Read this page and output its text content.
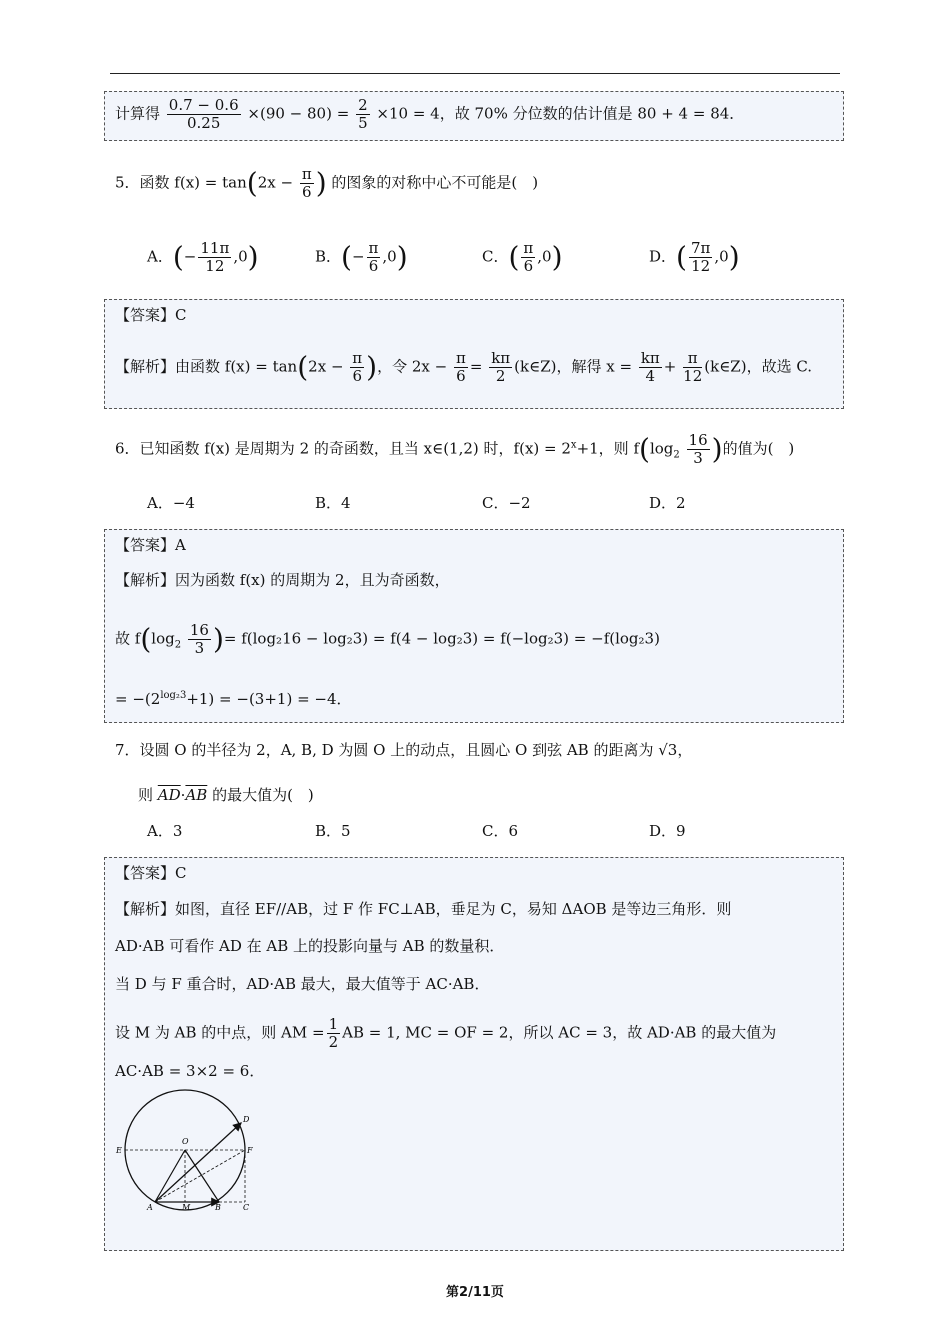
计算得 $\frac{0.7 - 0.6}{0.25} \times(90 - 80) = \frac{2}{5} \times 10 = 4$，故 70% 分位数的估计值是 80 + 4 = 84．
5．函数 $f(x) = \tan(2x - \frac{\pi}{6}$ ) 的图象的对称中心不可能是(　)
A．(− $\frac{11\pi}{12} ,0$)	B．(− $\frac{\pi}{6} ,0$)	C．( $\frac{\pi}{6} ,0$)	D．( $\frac{7\pi}{12} ,0$)
【答案】C
【解析】由函数 $f(x) = \tan(2x - \frac{\pi}{6}$ )，令 $2x - \frac{\pi}{6} = \frac{k\pi}{2}$ (k∈Z)，解得 $x = \frac{k\pi}{4} + \frac{\pi}{12}$ (k∈Z)，故选 C.
6．已知函数 f(x) 是周期为 2 的奇函数，且当 x∈(1,2) 时，$f(x) = 2^x+1$，则 $f(\log_2 \frac{16}{3}$ )的值为(　)
A．−4	B．4	C．−2	D．2
【答案】A
【解析】因为函数 f(x) 的周期为 2，且为奇函数，
故 $f(\log_2 \frac{16}{3}$ )= f(log₂16 − log₂3) = f(4 − log₂3) = f(−log₂3) = −f(log₂3)
= $-(2^{log_23}+1) = -(3+1) = -4$．
7．设圆 O 的半径为 2，A, B, D 为圆 O 上的动点，且圆心 O 到弦 AB 的距离为 √3，
则 $\overline{AD}\cdot\overline{AB}$ 的最大值为(　)
A．3	B．5	C．6	D．9
【答案】C
【解析】如图，直径 EF//AB，过 F 作 FC⊥AB，垂足为 C，易知 ΔAOB 是等边三角形．则
AD·AB 可看作 AD 在 AB 上的投影向量与 AB 的数量积．
当 D 与 F 重合时，AD·AB 最大，最大值等于 AC·AB．
设 M 为 AB 的中点，则 AM = $\frac{1}{2}$ AB = 1, MC = OF = 2，所以 AC = 3，故 AD·AB 的最大值为
AC·AB = 3×2 = 6．
O
E	F
D
A	M	B	C
第2/11页
